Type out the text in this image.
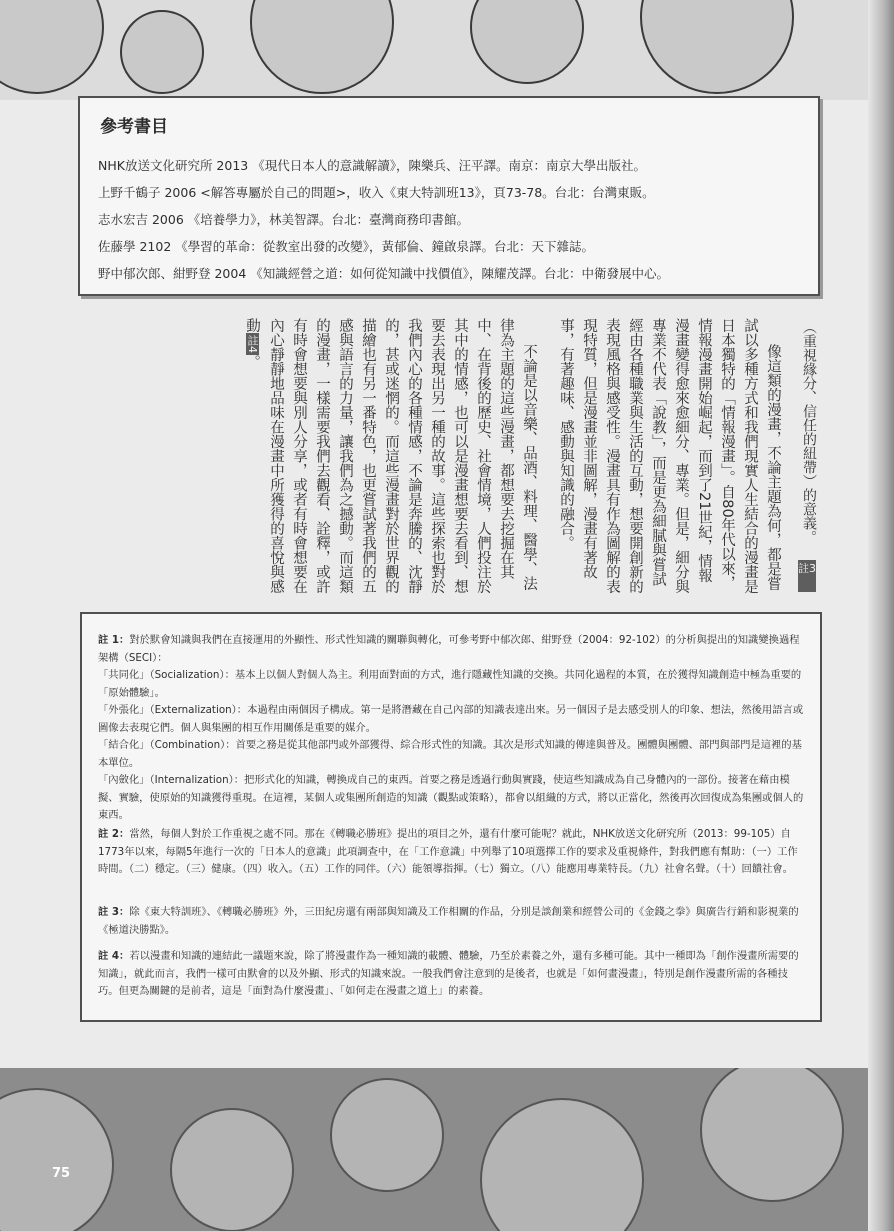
參考書目
NHK放送文化研究所 2013 《現代日本人的意識解讀》，陳樂兵、汪平譯。南京：南京大學出版社。
上野千鶴子 2006 <解答專屬於自己的問題>，收入《東大特訓班13》，頁73-78。台北：台灣東販。
志水宏吉 2006 《培養學力》，林美智譯。台北：臺灣商務印書館。
佐藤學 2102 《學習的革命：從教室出發的改變》，黃郁倫、鐘啟泉譯。台北：天下雜誌。
野中郁次郎、紺野登 2004 《知識經營之道：如何從知識中找價值》，陳耀茂譯。台北：中衛發展中心。
（重視緣分、信任的紐帶）的意義。
註3

像這類的漫畫，不論主題為何，都是嘗試以多種方式和我們現實人生結合的漫畫是日本獨特的「情報漫畫」。自80年代以來，情報漫畫開始崛起，而到了21世紀，情報漫畫變得愈來愈細分、專業。但是，細分與專業不代表「說教」，而是更為細膩與嘗試經由各種職業與生活的互動，想要開創新的表現風格與感受性。漫畫具有作為圖解的表現特質，但是漫畫並非圖解，漫畫有著故事，有著趣味、感動與知識的融合。

不論是以音樂、品酒、料理、醫學、法律為主題的這些漫畫，都想要去挖掘在其中、在背後的歷史、社會情境，人們投注於其中的情感，也可以是漫畫想要去看到、想要去表現出另一種的故事。這些探索也對於我們內心的各種情感，不論是奔騰的、沈靜的，甚或迷惘的。而這些漫畫對於世界觀的描繪也有另一番特色，也更嘗試著我們的五感與語言的力量，讓我們為之撼動。而這類的漫畫，一樣需要我們去觀看、詮釋，或許有時會想要與別人分享，或者有時會想要在內心靜靜地品味在漫畫中所獲得的喜悅與感動註4。

註 1：對於默會知識與我們在直接運用的外顯性、形式性知識的關聯與轉化，可參考野中郁次郎、紺野登（2004：92-102）的分析與提出的知識變換過程架構（SECI）：

「共同化」（Socialization）：基本上以個人對個人為主。利用面對面的方式，進行隱藏性知識的交換。共同化過程的本質，在於獲得知識創造中極為重要的「原始體驗」。

「外張化」（Externalization）：本過程由兩個因子構成。第一是將潛藏在自己內部的知識表達出來。另一個因子是去感受別人的印象、想法，然後用語言或圖像去表現它們。個人與集團的相互作用關係是重要的媒介。

「結合化」（Combination）：首要之務是從其他部門或外部獲得、綜合形式性的知識。其次是形式知識的傳達與普及。團體與團體、部門與部門是這裡的基本單位。

「內斂化」（Internalization）：把形式化的知識，轉換成自己的東西。首要之務是透過行動與實踐，使這些知識成為自己身體內的一部份。接著在藉由模擬、實驗，使原始的知識獲得重現。在這裡，某個人或集團所創造的知識（觀點或策略），都會以組織的方式，將以正當化，然後再次回復成為集團或個人的東西。

註 2：當然，每個人對於工作重視之處不同。那在《轉職必勝班》提出的項目之外，還有什麼可能呢？就此，NHK放送文化研究所（2013：99-105）自1773年以來，每隔5年進行一次的「日本人的意識」此項調查中，在「工作意識」中列舉了10項選擇工作的要求及重視條件，對我們應有幫助：（一）工作時間。（二）穩定。（三）健康。（四）收入。（五）工作的同伴。（六）能領導指揮。（七）獨立。（八）能應用專業特長。（九）社會名聲。（十）回饋社會。

註 3：除《東大特訓班》、《轉職必勝班》外，三田紀房還有兩部與知識及工作相關的作品，分別是談創業和經營公司的《金錢之拳》與廣告行銷和影視業的《極道決勝點》。

註 4：若以漫畫和知識的連結此一議題來說，除了將漫畫作為一種知識的載體、體驗，乃至於素養之外，還有多種可能。其中一種即為「創作漫畫所需要的知識」，就此而言，我們一樣可由默會的以及外顯、形式的知識來說。一般我們會注意到的是後者，也就是「如何畫漫畫」，特別是創作漫畫所需的各種技巧。但更為關鍵的是前者，這是「面對為什麼漫畫」、「如何走在漫畫之道上」的素養。

75
